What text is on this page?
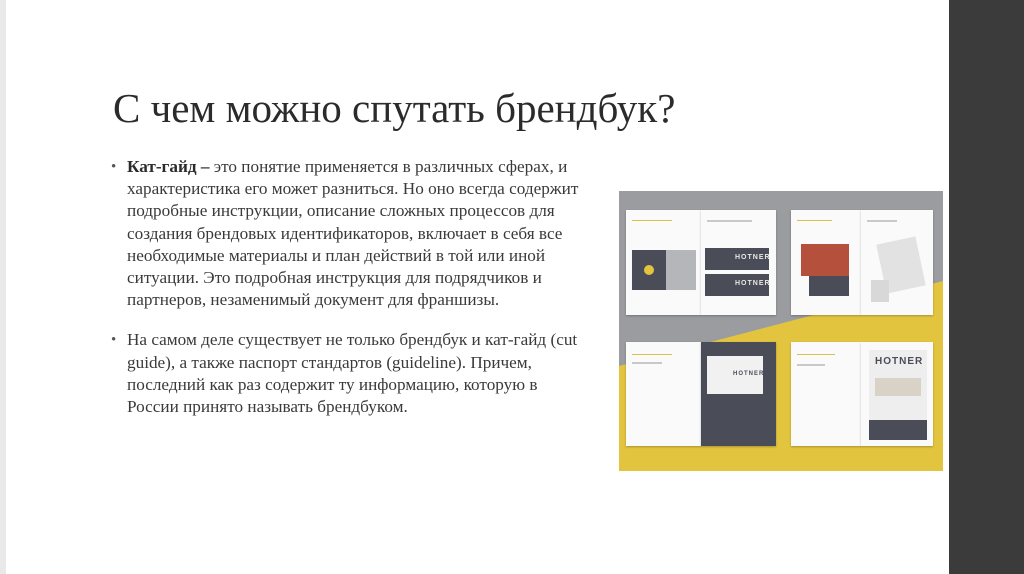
С чем можно спутать брендбук?

• Кат-гайд – это понятие применяется в различных сферах, и характеристика его может разниться. Но оно всегда содержит подробные инструкции, описание сложных процессов для создания брендовых идентификаторов, включает в себя все необходимые материалы и план действий в той или иной ситуации. Это подробная инструкция для подрядчиков и партнеров, незаменимый документ для франшизы.

• На самом деле существует не только брендбук и кат-гайд (cut guide), а также паспорт стандартов (guideline). Причем, последний как раз содержит ту информацию, которую в России принято называть брендбуком.

HOTNER
HOTNER
HOTNER
HOTNER
